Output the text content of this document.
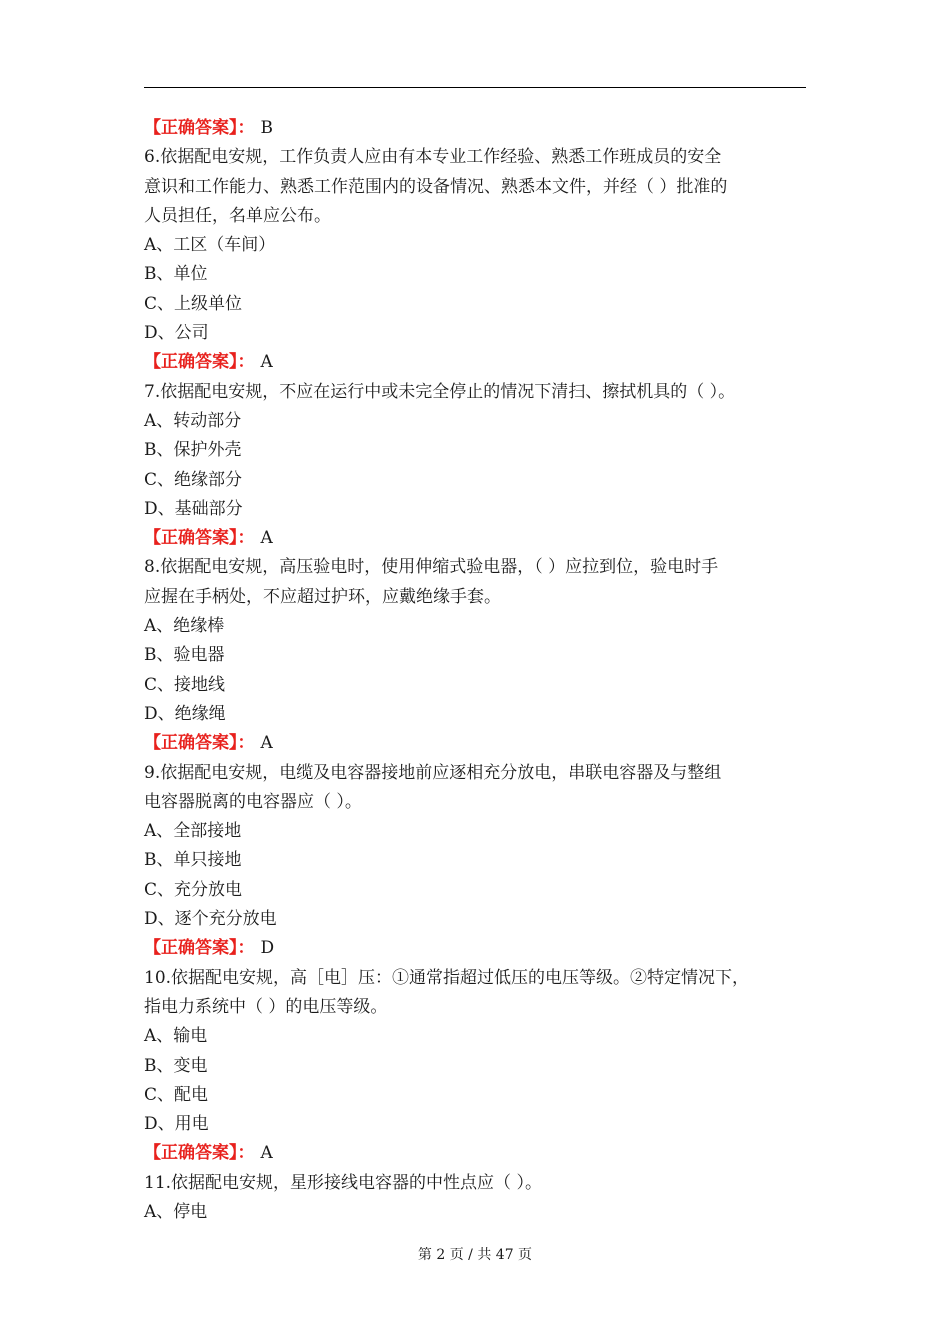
【正确答案】： B
6.依据配电安规，工作负责人应由有本专业工作经验、熟悉工作班成员的安全
意识和工作能力、熟悉工作范围内的设备情况、熟悉本文件，并经（ ）批准的
人员担任，名单应公布。
A、工区（车间）
B、单位
C、上级单位
D、公司
【正确答案】： A
7.依据配电安规，不应在运行中或未完全停止的情况下清扫、擦拭机具的（ ）。
A、转动部分
B、保护外壳
C、绝缘部分
D、基础部分
【正确答案】： A
8.依据配电安规，高压验电时，使用伸缩式验电器，（ ）应拉到位，验电时手
应握在手柄处，不应超过护环，应戴绝缘手套。
A、绝缘棒
B、验电器
C、接地线
D、绝缘绳
【正确答案】： A
9.依据配电安规，电缆及电容器接地前应逐相充分放电，串联电容器及与整组
电容器脱离的电容器应（ ）。
A、全部接地
B、单只接地
C、充分放电
D、逐个充分放电
【正确答案】： D
10.依据配电安规，高［电］压：①通常指超过低压的电压等级。②特定情况下，
指电力系统中（ ）的电压等级。
A、输电
B、变电
C、配电
D、用电
【正确答案】： A
11.依据配电安规，星形接线电容器的中性点应（ ）。
A、停电
第 2 页 / 共 47 页
